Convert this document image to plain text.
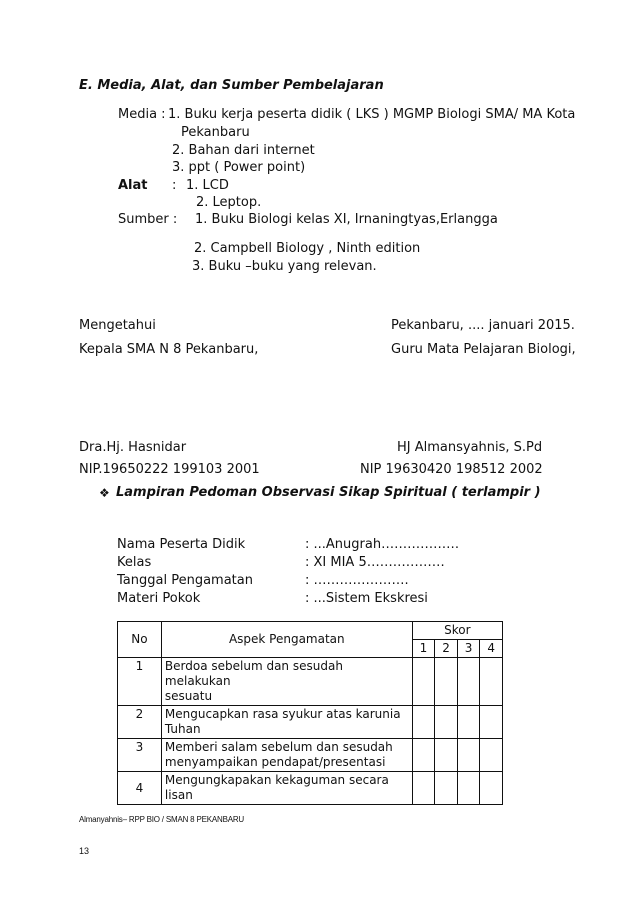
E. Media, Alat, dan Sumber Pembelajaran
Media : 1. Buku kerja peserta didik ( LKS ) MGMP Biologi SMA/ MA Kota
Pekanbaru
2. Bahan dari internet
3. ppt ( Power point)
Alat : 1. LCD
2. Leptop.
Sumber : 1. Buku Biologi kelas XI, Irnaningtyas,Erlangga
2. Campbell Biology , Ninth edition
3. Buku –buku yang relevan.
Mengetahui
Kepala SMA N 8 Pekanbaru,
Pekanbaru, .... januari 2015.
Guru Mata Pelajaran Biologi,
Dra.Hj. Hasnidar
NIP.19650222 199103 2001
HJ Almansyahnis, S.Pd
NIP 19630420 198512 2002
❖ Lampiran Pedoman Observasi Sikap Spiritual ( terlampir )
Nama Peserta Didik	: ...Anugrah………………
Kelas	: XI MIA 5………………
Tanggal Pengamatan	: ………………….
Materi Pokok	: ...Sistem Ekskresi
No	Aspek Pengamatan	Skor			
		1	2	3	4
1	Berdoa sebelum dan sesudah melakukan
sesuatu				
2	Mengucapkan rasa syukur atas karunia
Tuhan				
3	Memberi salam sebelum dan sesudah
menyampaikan pendapat/presentasi				
4	Mengungkapakan kekaguman secara lisan				
Almanyahnis– RPP BIO / SMAN 8 PEKANBARU
13
